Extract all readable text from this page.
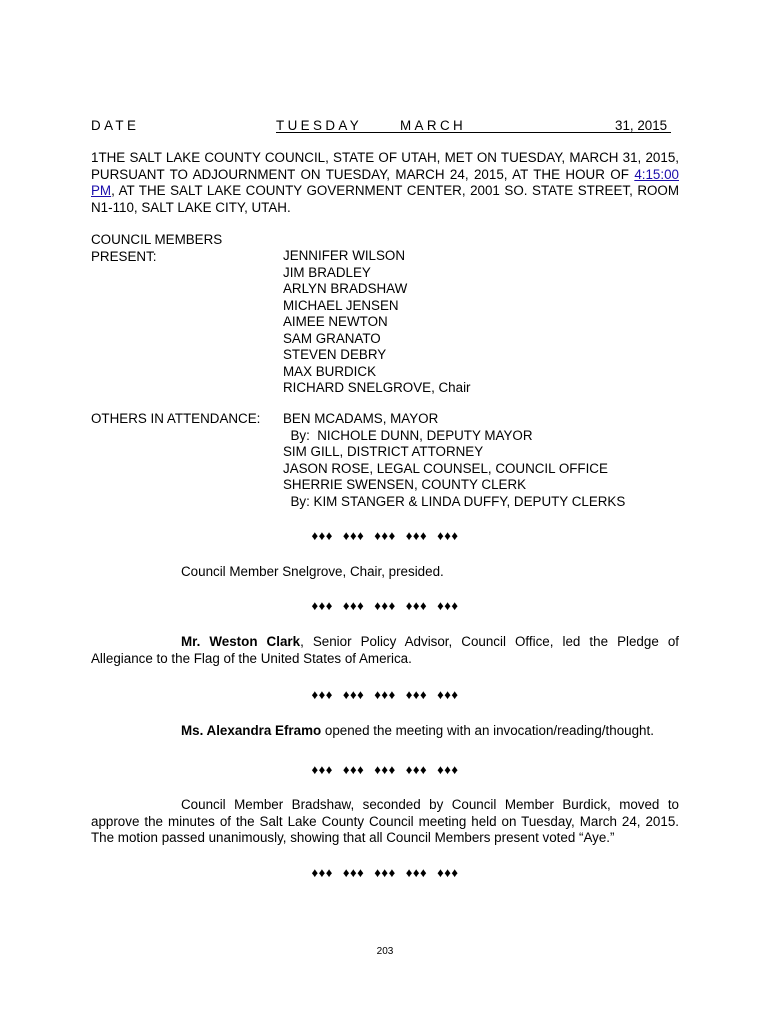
DATE	TUESDAY	MARCH	31, 2015

1THE SALT LAKE COUNTY COUNCIL, STATE OF UTAH, MET ON TUESDAY, MARCH 31, 2015, PURSUANT TO ADJOURNMENT ON TUESDAY, MARCH 24, 2015, AT THE HOUR OF 4:15:00 PM, AT THE SALT LAKE COUNTY GOVERNMENT CENTER, 2001 SO. STATE STREET, ROOM N1-110, SALT LAKE CITY, UTAH.

COUNCIL MEMBERS
PRESENT:	JENNIFER WILSON
JIM BRADLEY
ARLYN BRADSHAW
MICHAEL JENSEN
AIMEE NEWTON
SAM GRANATO
STEVEN DEBRY
MAX BURDICK
RICHARD SNELGROVE, Chair
OTHERS IN ATTENDANCE: BEN MCADAMS, MAYOR
By:  NICHOLE DUNN, DEPUTY MAYOR
SIM GILL, DISTRICT ATTORNEY
JASON ROSE, LEGAL COUNSEL, COUNCIL OFFICE
SHERRIE SWENSEN, COUNTY CLERK
By: KIM STANGER & LINDA DUFFY, DEPUTY CLERKS
♦♦♦ ♦♦♦ ♦♦♦ ♦♦♦ ♦♦♦

Council Member Snelgrove, Chair, presided.

♦♦♦ ♦♦♦ ♦♦♦ ♦♦♦ ♦♦♦

Mr. Weston Clark, Senior Policy Advisor, Council Office, led the Pledge of Allegiance to the Flag of the United States of America.

♦♦♦ ♦♦♦ ♦♦♦ ♦♦♦ ♦♦♦

Ms. Alexandra Eframo opened the meeting with an invocation/reading/thought.

♦♦♦ ♦♦♦ ♦♦♦ ♦♦♦ ♦♦♦

Council Member Bradshaw, seconded by Council Member Burdick, moved to approve the minutes of the Salt Lake County Council meeting held on Tuesday, March 24, 2015. The motion passed unanimously, showing that all Council Members present voted “Aye.”

♦♦♦ ♦♦♦ ♦♦♦ ♦♦♦ ♦♦♦
203
